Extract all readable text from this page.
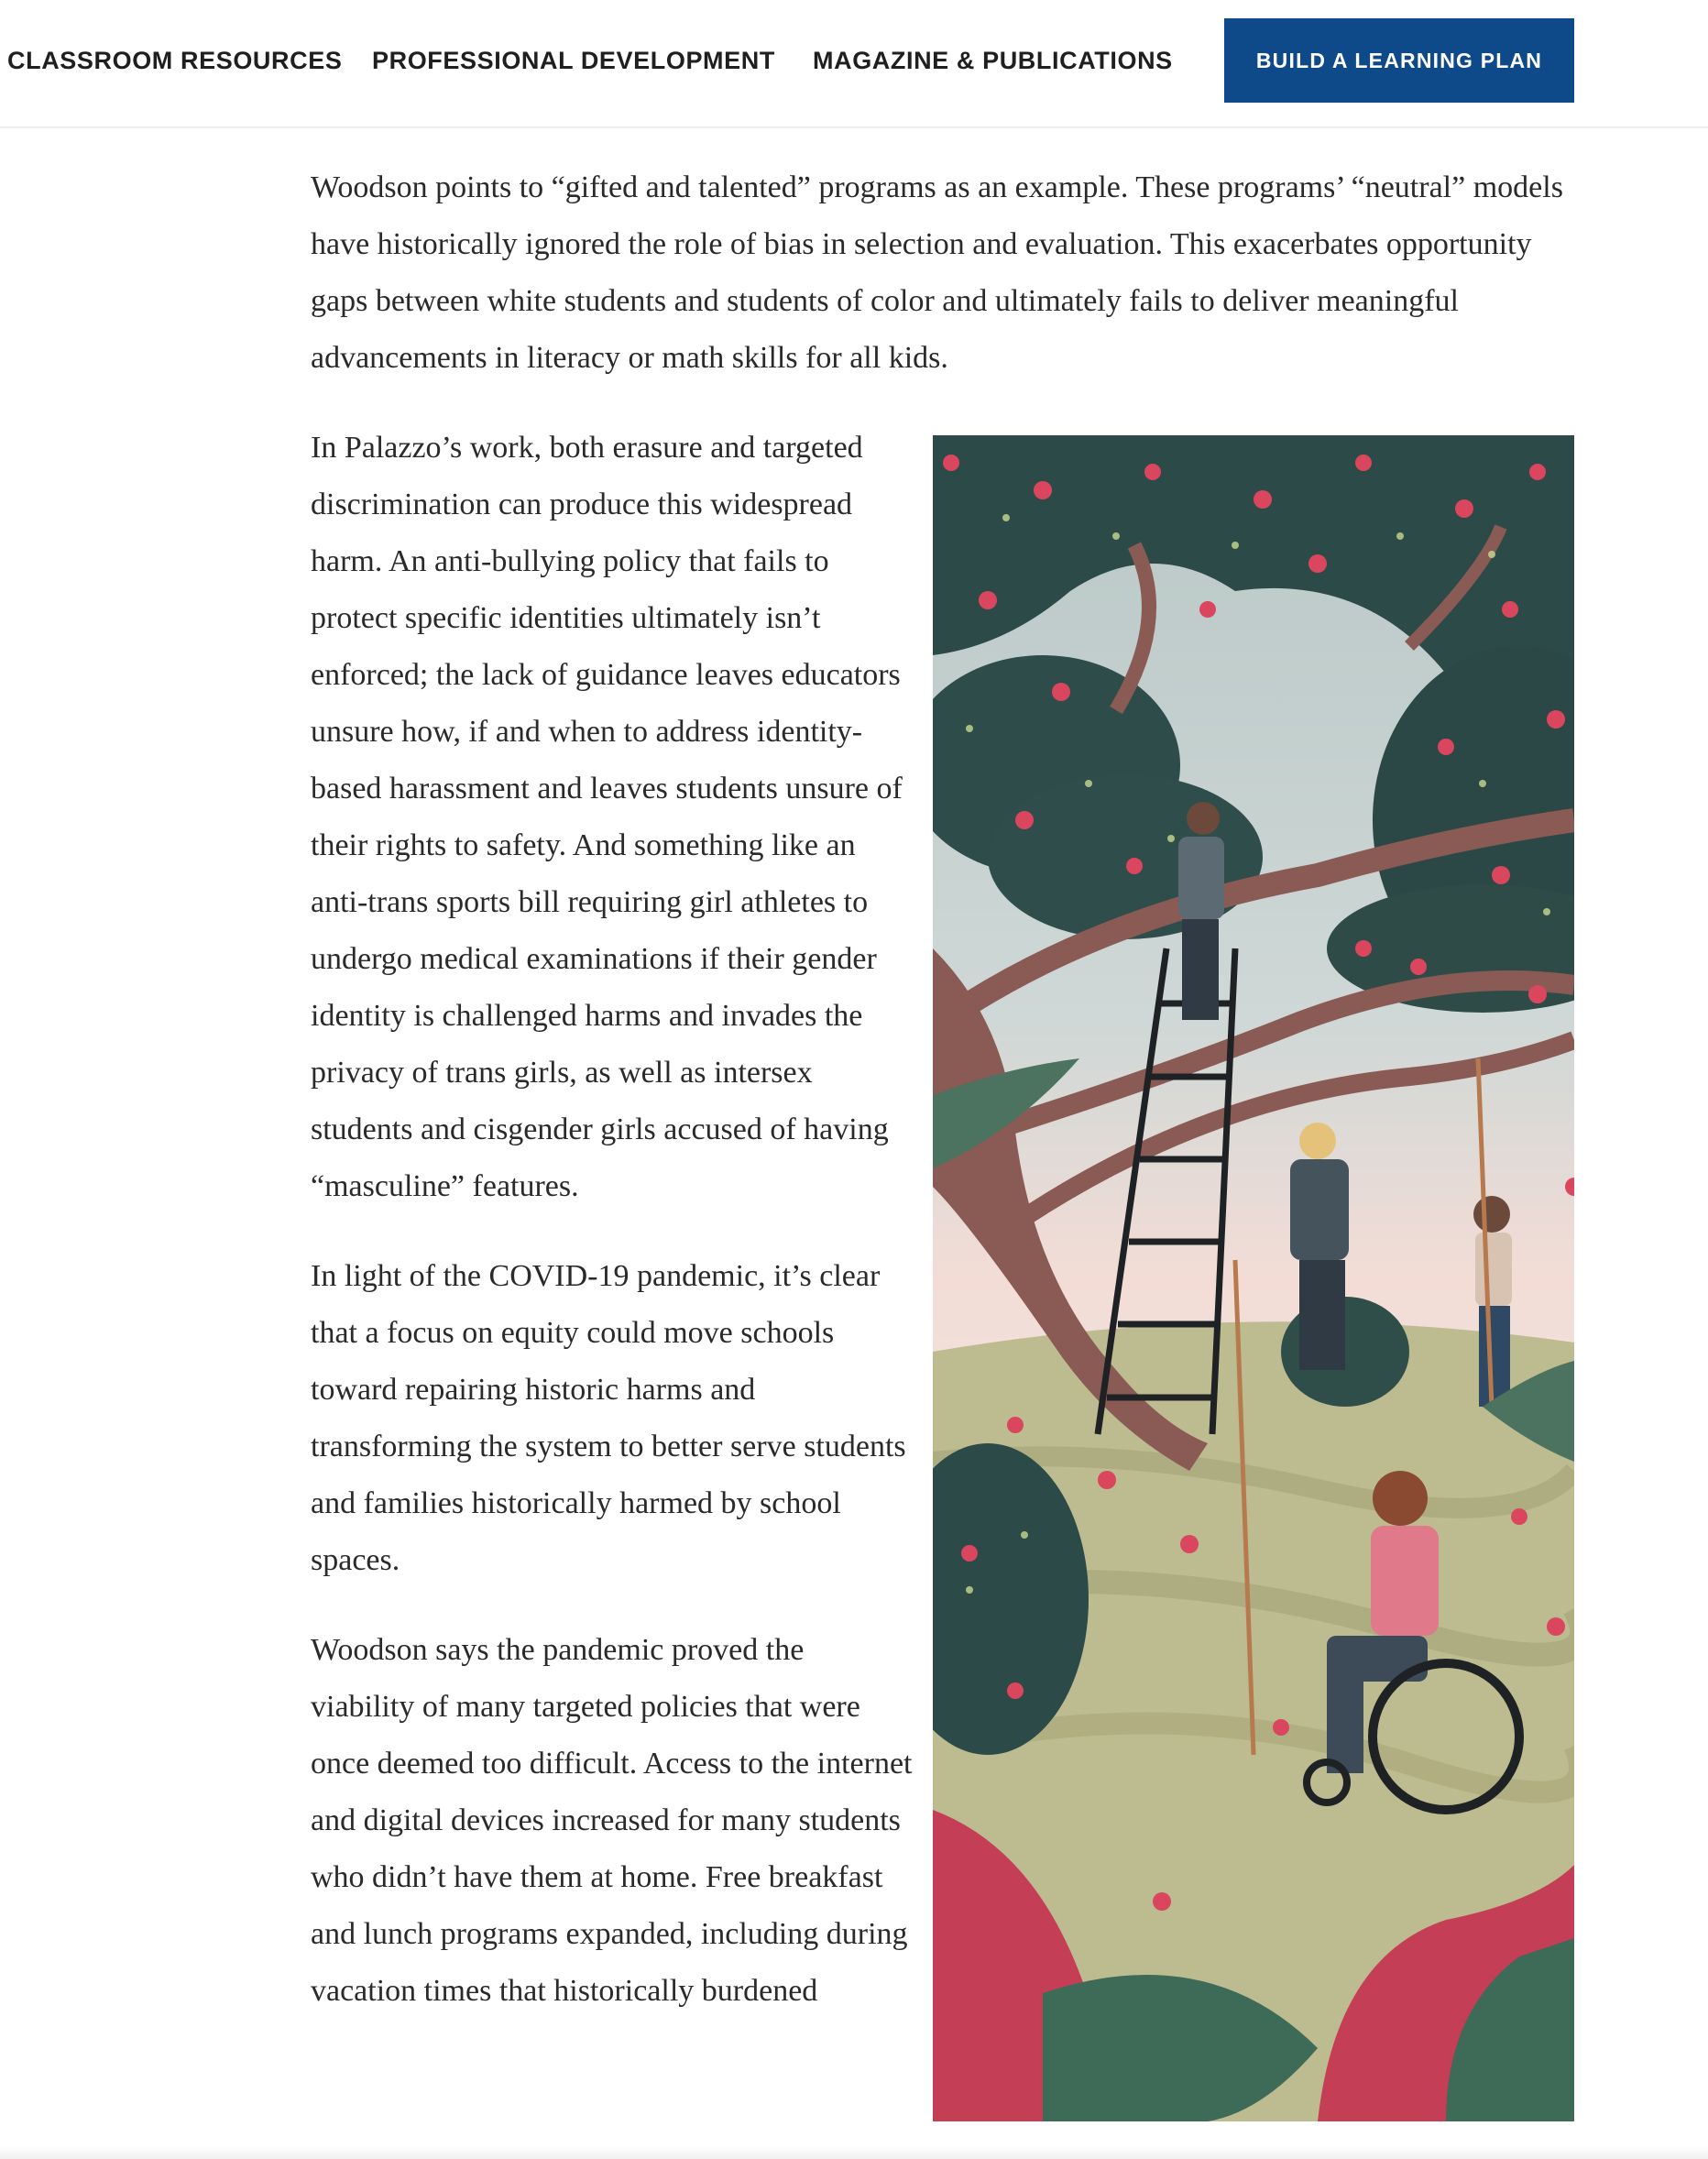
CLASSROOM RESOURCES PROFESSIONAL DEVELOPMENT MAGAZINE & PUBLICATIONS	BUILD A LEARNING PLAN

Woodson points to “gifted and talented” programs as an example. These programs’ “neutral” models have historically ignored the role of bias in selection and evaluation. This exacerbates opportunity gaps between white students and students of color and ultimately fails to deliver meaningful advancements in literacy or math skills for all kids.

In Palazzo’s work, both erasure and targeted discrimination can produce this widespread harm. An anti-bullying policy that fails to protect specific identities ultimately isn’t enforced; the lack of guidance leaves educators unsure how, if and when to address identity-based harassment and leaves students unsure of their rights to safety. And something like an anti-trans sports bill requiring girl athletes to undergo medical examinations if their gender identity is challenged harms and invades the privacy of trans girls, as well as intersex students and cisgender girls accused of having “masculine” features.

In light of the COVID-19 pandemic, it’s clear that a focus on equity could move schools toward repairing historic harms and transforming the system to better serve students and families historically harmed by school spaces.

Woodson says the pandemic proved the viability of many targeted policies that were once deemed too difficult. Access to the internet and digital devices increased for many students who didn’t have them at home. Free breakfast and lunch programs expanded, including during vacation times that historically burdened
